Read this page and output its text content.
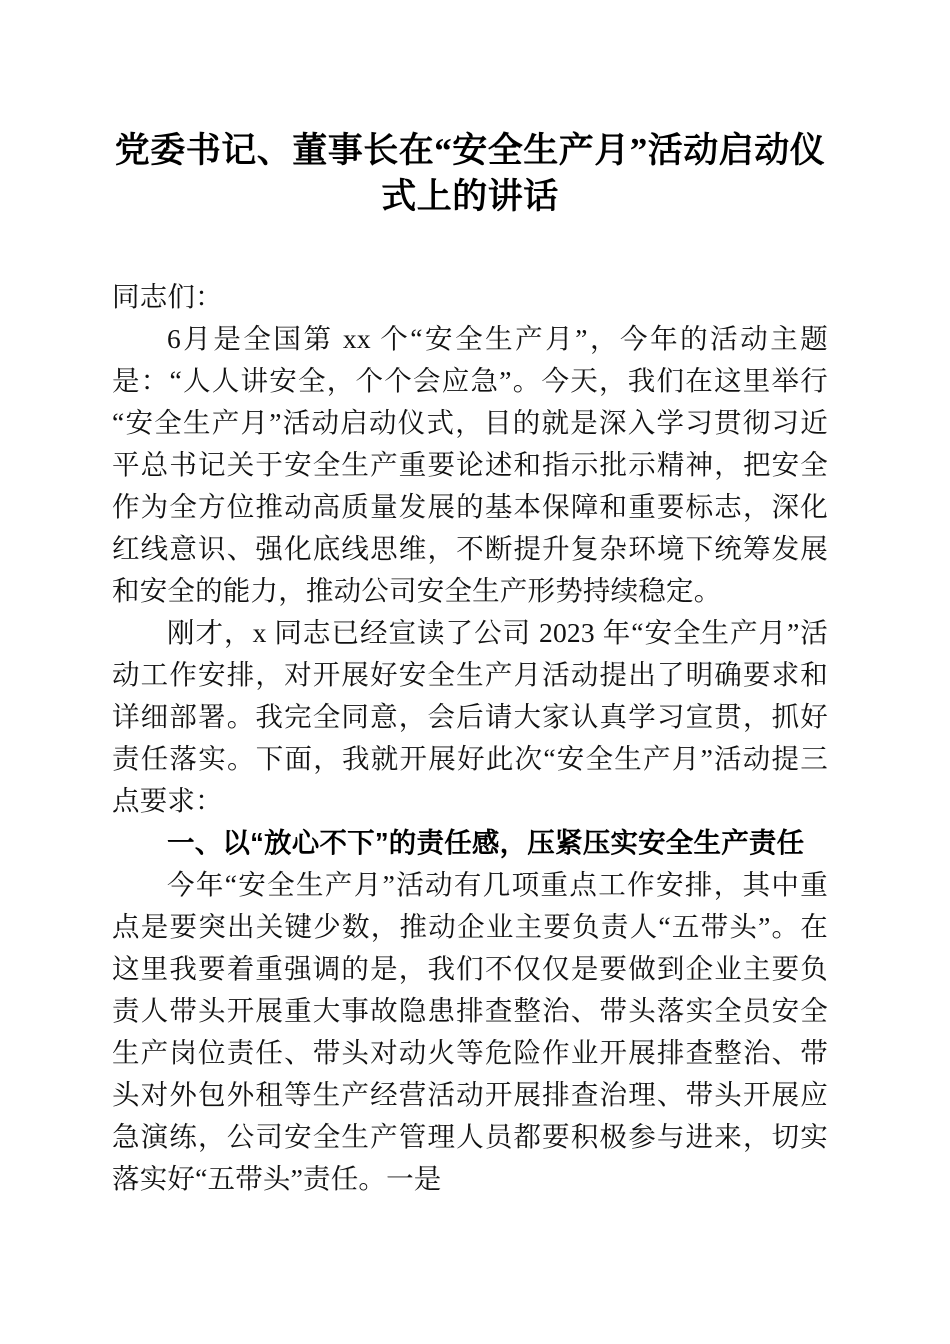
党委书记、董事长在“安全生产月”活动启动仪式上的讲话

同志们：

6月是全国第 xx 个“安全生产月”，今年的活动主题是：“人人讲安全，个个会应急”。今天，我们在这里举行“安全生产月”活动启动仪式，目的就是深入学习贯彻习近平总书记关于安全生产重要论述和指示批示精神，把安全作为全方位推动高质量发展的基本保障和重要标志，深化红线意识、强化底线思维，不断提升复杂环境下统筹发展和安全的能力，推动公司安全生产形势持续稳定。

刚才，x 同志已经宣读了公司 2023 年“安全生产月”活动工作安排，对开展好安全生产月活动提出了明确要求和详细部署。我完全同意，会后请大家认真学习宣贯，抓好责任落实。下面，我就开展好此次“安全生产月”活动提三点要求：

一、以“放心不下”的责任感，压紧压实安全生产责任

今年“安全生产月”活动有几项重点工作安排，其中重点是要突出关键少数，推动企业主要负责人“五带头”。在这里我要着重强调的是，我们不仅仅是要做到企业主要负责人带头开展重大事故隐患排查整治、带头落实全员安全生产岗位责任、带头对动火等危险作业开展排查整治、带头对外包外租等生产经营活动开展排查治理、带头开展应急演练，公司安全生产管理人员都要积极参与进来，切实落实好“五带头”责任。一是
